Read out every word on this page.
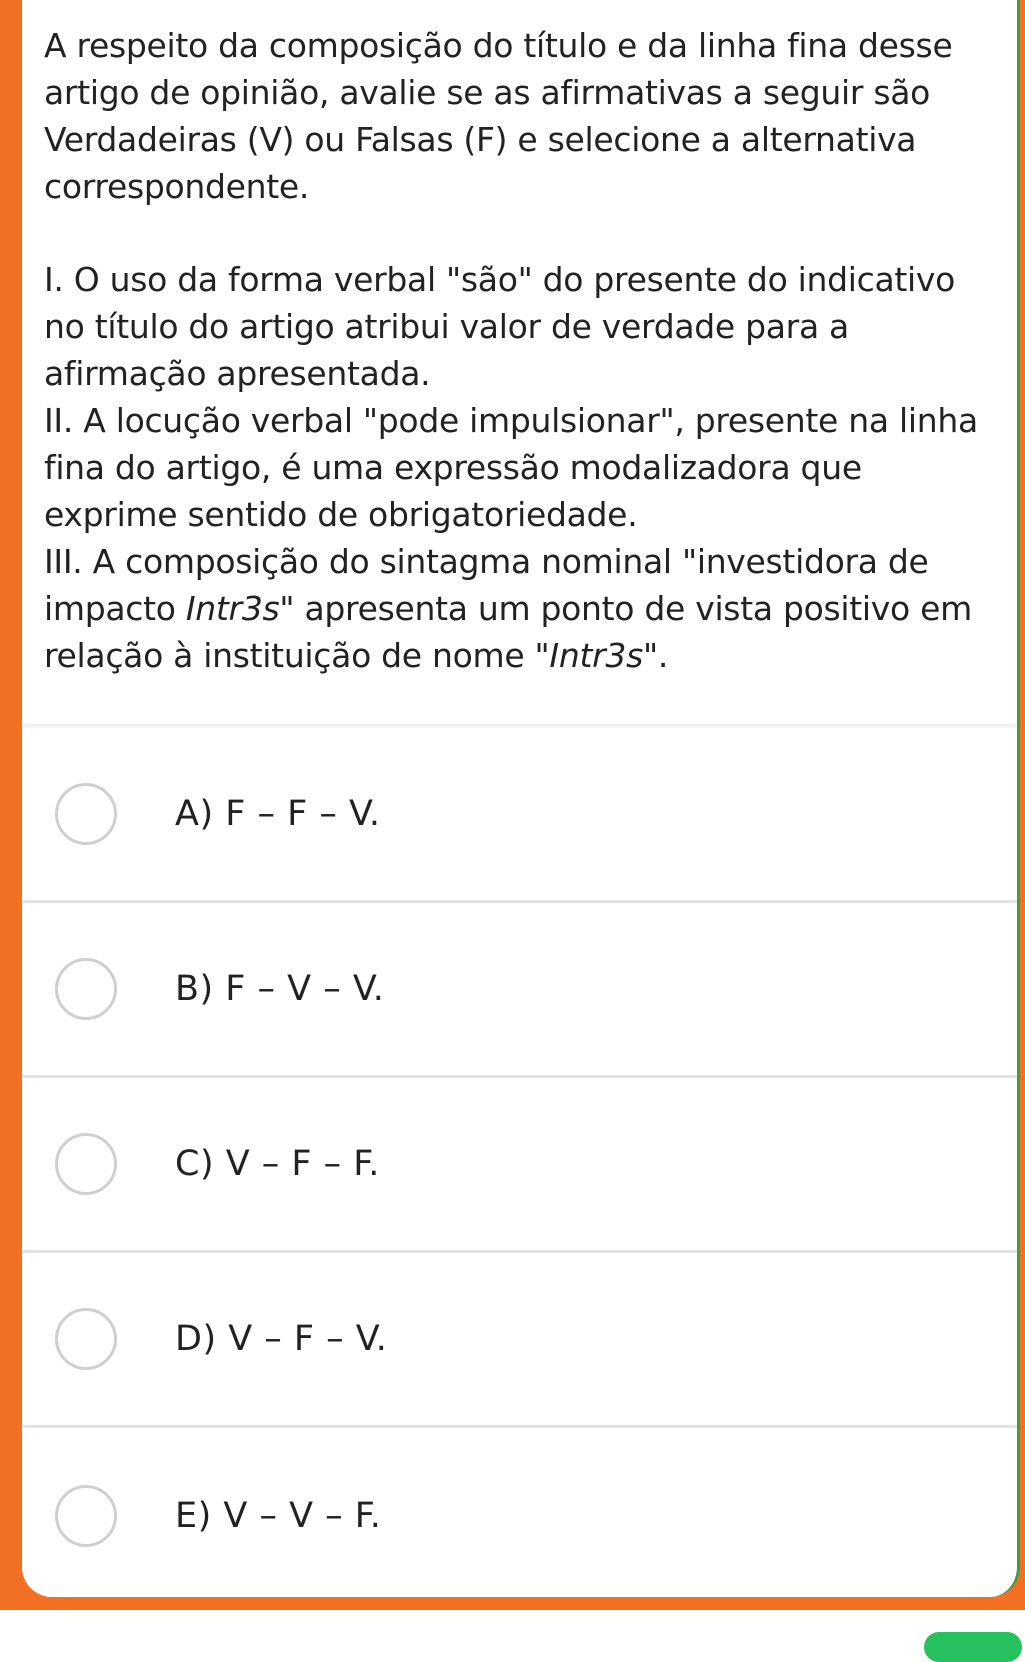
A respeito da composição do título e da linha fina desse artigo de opinião, avalie se as afirmativas a seguir são Verdadeiras (V) ou Falsas (F) e selecione a alternativa correspondente.

I. O uso da forma verbal "são" do presente do indicativo no título do artigo atribui valor de verdade para a afirmação apresentada.

II. A locução verbal "pode impulsionar", presente na linha fina do artigo, é uma expressão modalizadora que exprime sentido de obrigatoriedade.

III. A composição do sintagma nominal "investidora de impacto Intr3s" apresenta um ponto de vista positivo em relação à instituição de nome "Intr3s".

A) F – F – V.
B) F – V – V.
C) V – F – F.
D) V – F – V.
E) V – V – F.
